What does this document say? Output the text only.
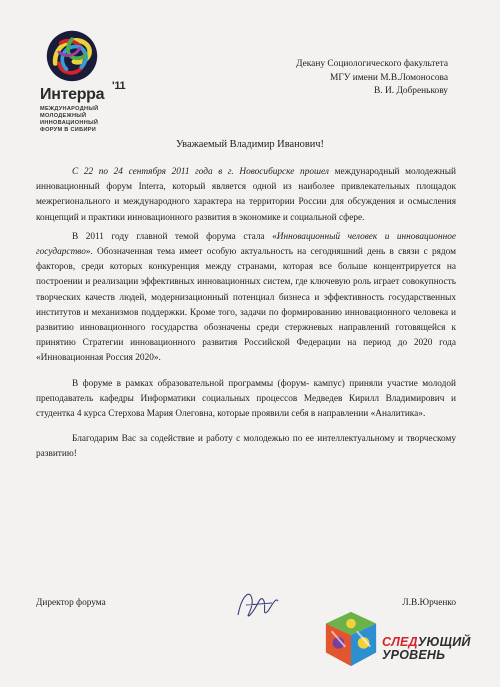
Интерра '11
МЕЖДУНАРОДНЫЙ
МОЛОДЕЖНЫЙ
ИННОВАЦИОННЫЙ
ФОРУМ В СИБИРИ
Декану Социологического факультета
МГУ имени М.В.Ломоносова
В. И. Добренькову
Уважаемый Владимир Иванович!

С 22 по 24 сентября 2011 года в г. Новосибирске прошел международный молодежный инновационный форум Interra, который является одной из наиболее привлекательных площадок межрегионального и международного характера на территории России для обсуждения и осмысления концепций и практики инновационного развития в экономике и социальной сфере.

В 2011 году главной темой форума стала «Инновационный человек и инновационное государство». Обозначенная тема имеет особую актуальность на сегодняшний день в связи с рядом факторов, среди которых конкуренция между странами, которая все больше концентрируется на построении и реализации эффективных инновационных систем, где ключевую роль играет совокупность творческих качеств людей, модернизационный потенциал бизнеса и эффективность государственных институтов и механизмов поддержки. Кроме того, задачи по формированию инновационного человека и развитию инновационного государства обозначены среди стержневых направлений готовящейся к принятию Стратегии инновационного развития Российской Федерации на период до 2020 года «Инновационная Россия 2020».

В форуме в рамках образовательной программы (форум- кампус) приняли участие молодой преподаватель кафедры Информатики социальных процессов Медведев Кирилл Владимирович и студентка 4 курса Стерхова Мария Олеговна, которые проявили себя в направлении «Аналитика».

Благодарим Вас за содействие и работу с молодежью по ее интеллектуальному и творческому развитию!

Директор форума	Л.В.Юрченко
СЛЕДУЮЩИЙ
УРОВЕНЬ
